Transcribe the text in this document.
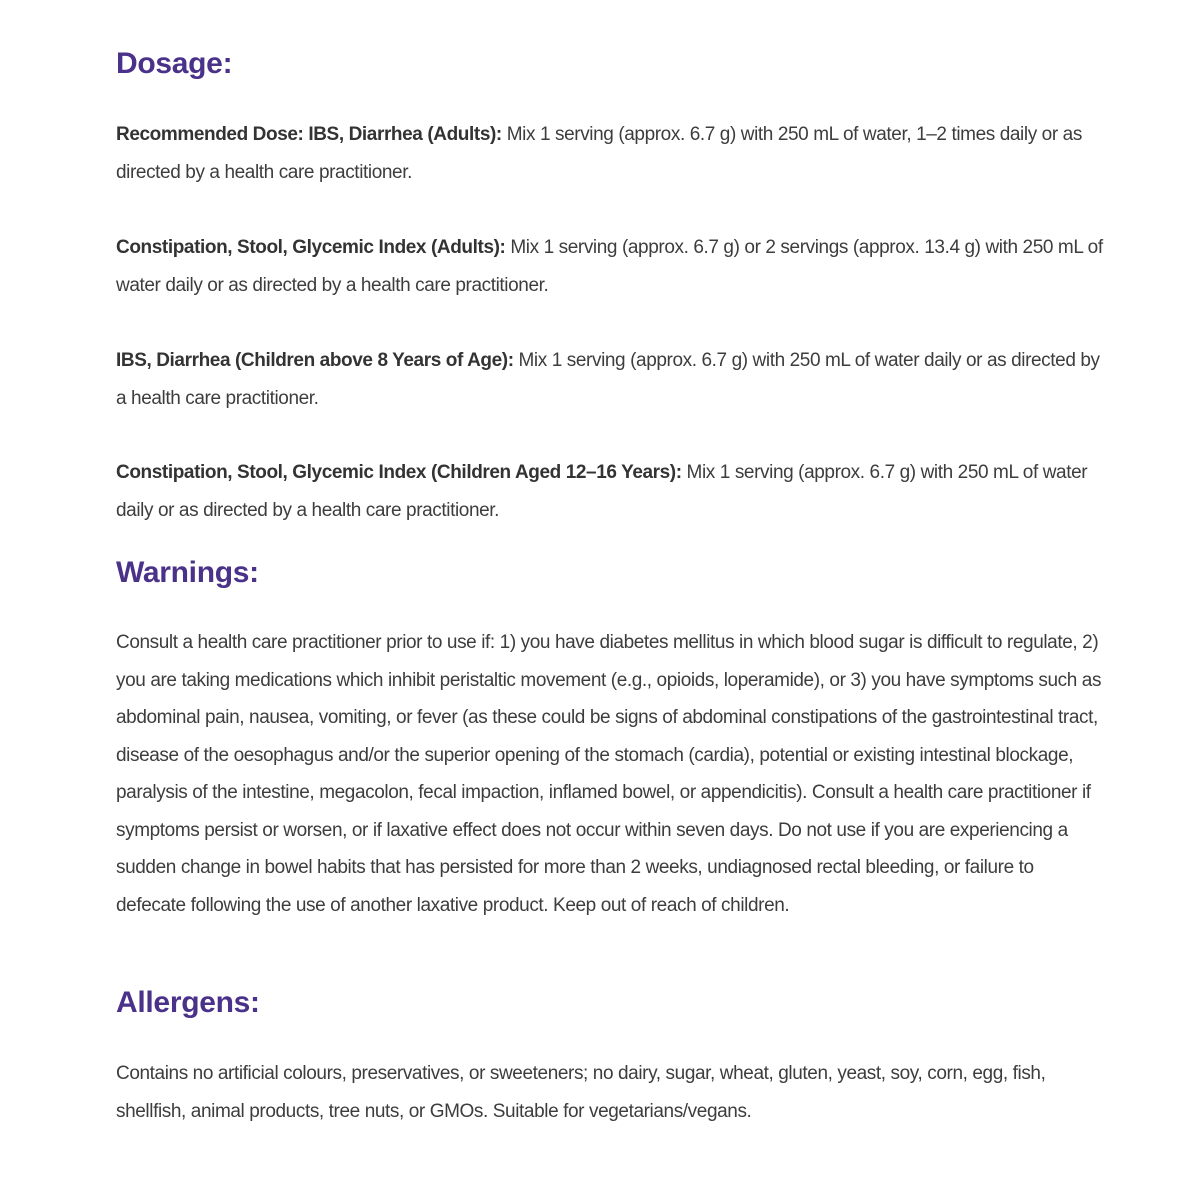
Dosage:

Recommended Dose: IBS, Diarrhea (Adults): Mix 1 serving (approx. 6.7 g) with 250 mL of water, 1–2 times daily or as directed by a health care practitioner.

Constipation, Stool, Glycemic Index (Adults): Mix 1 serving (approx. 6.7 g) or 2 servings (approx. 13.4 g) with 250 mL of water daily or as directed by a health care practitioner.

IBS, Diarrhea (Children above 8 Years of Age): Mix 1 serving (approx. 6.7 g) with 250 mL of water daily or as directed by a health care practitioner.

Constipation, Stool, Glycemic Index (Children Aged 12–16 Years): Mix 1 serving (approx. 6.7 g) with 250 mL of water daily or as directed by a health care practitioner.

Warnings:

Consult a health care practitioner prior to use if: 1) you have diabetes mellitus in which blood sugar is difficult to regulate, 2) you are taking medications which inhibit peristaltic movement (e.g., opioids, loperamide), or 3) you have symptoms such as abdominal pain, nausea, vomiting, or fever (as these could be signs of abdominal constipations of the gastrointestinal tract, disease of the oesophagus and/or the superior opening of the stomach (cardia), potential or existing intestinal blockage, paralysis of the intestine, megacolon, fecal impaction, inflamed bowel, or appendicitis). Consult a health care practitioner if symptoms persist or worsen, or if laxative effect does not occur within seven days. Do not use if you are experiencing a sudden change in bowel habits that has persisted for more than 2 weeks, undiagnosed rectal bleeding, or failure to defecate following the use of another laxative product. Keep out of reach of children.

Allergens:

Contains no artificial colours, preservatives, or sweeteners; no dairy, sugar, wheat, gluten, yeast, soy, corn, egg, fish, shellfish, animal products, tree nuts, or GMOs. Suitable for vegetarians/vegans.
